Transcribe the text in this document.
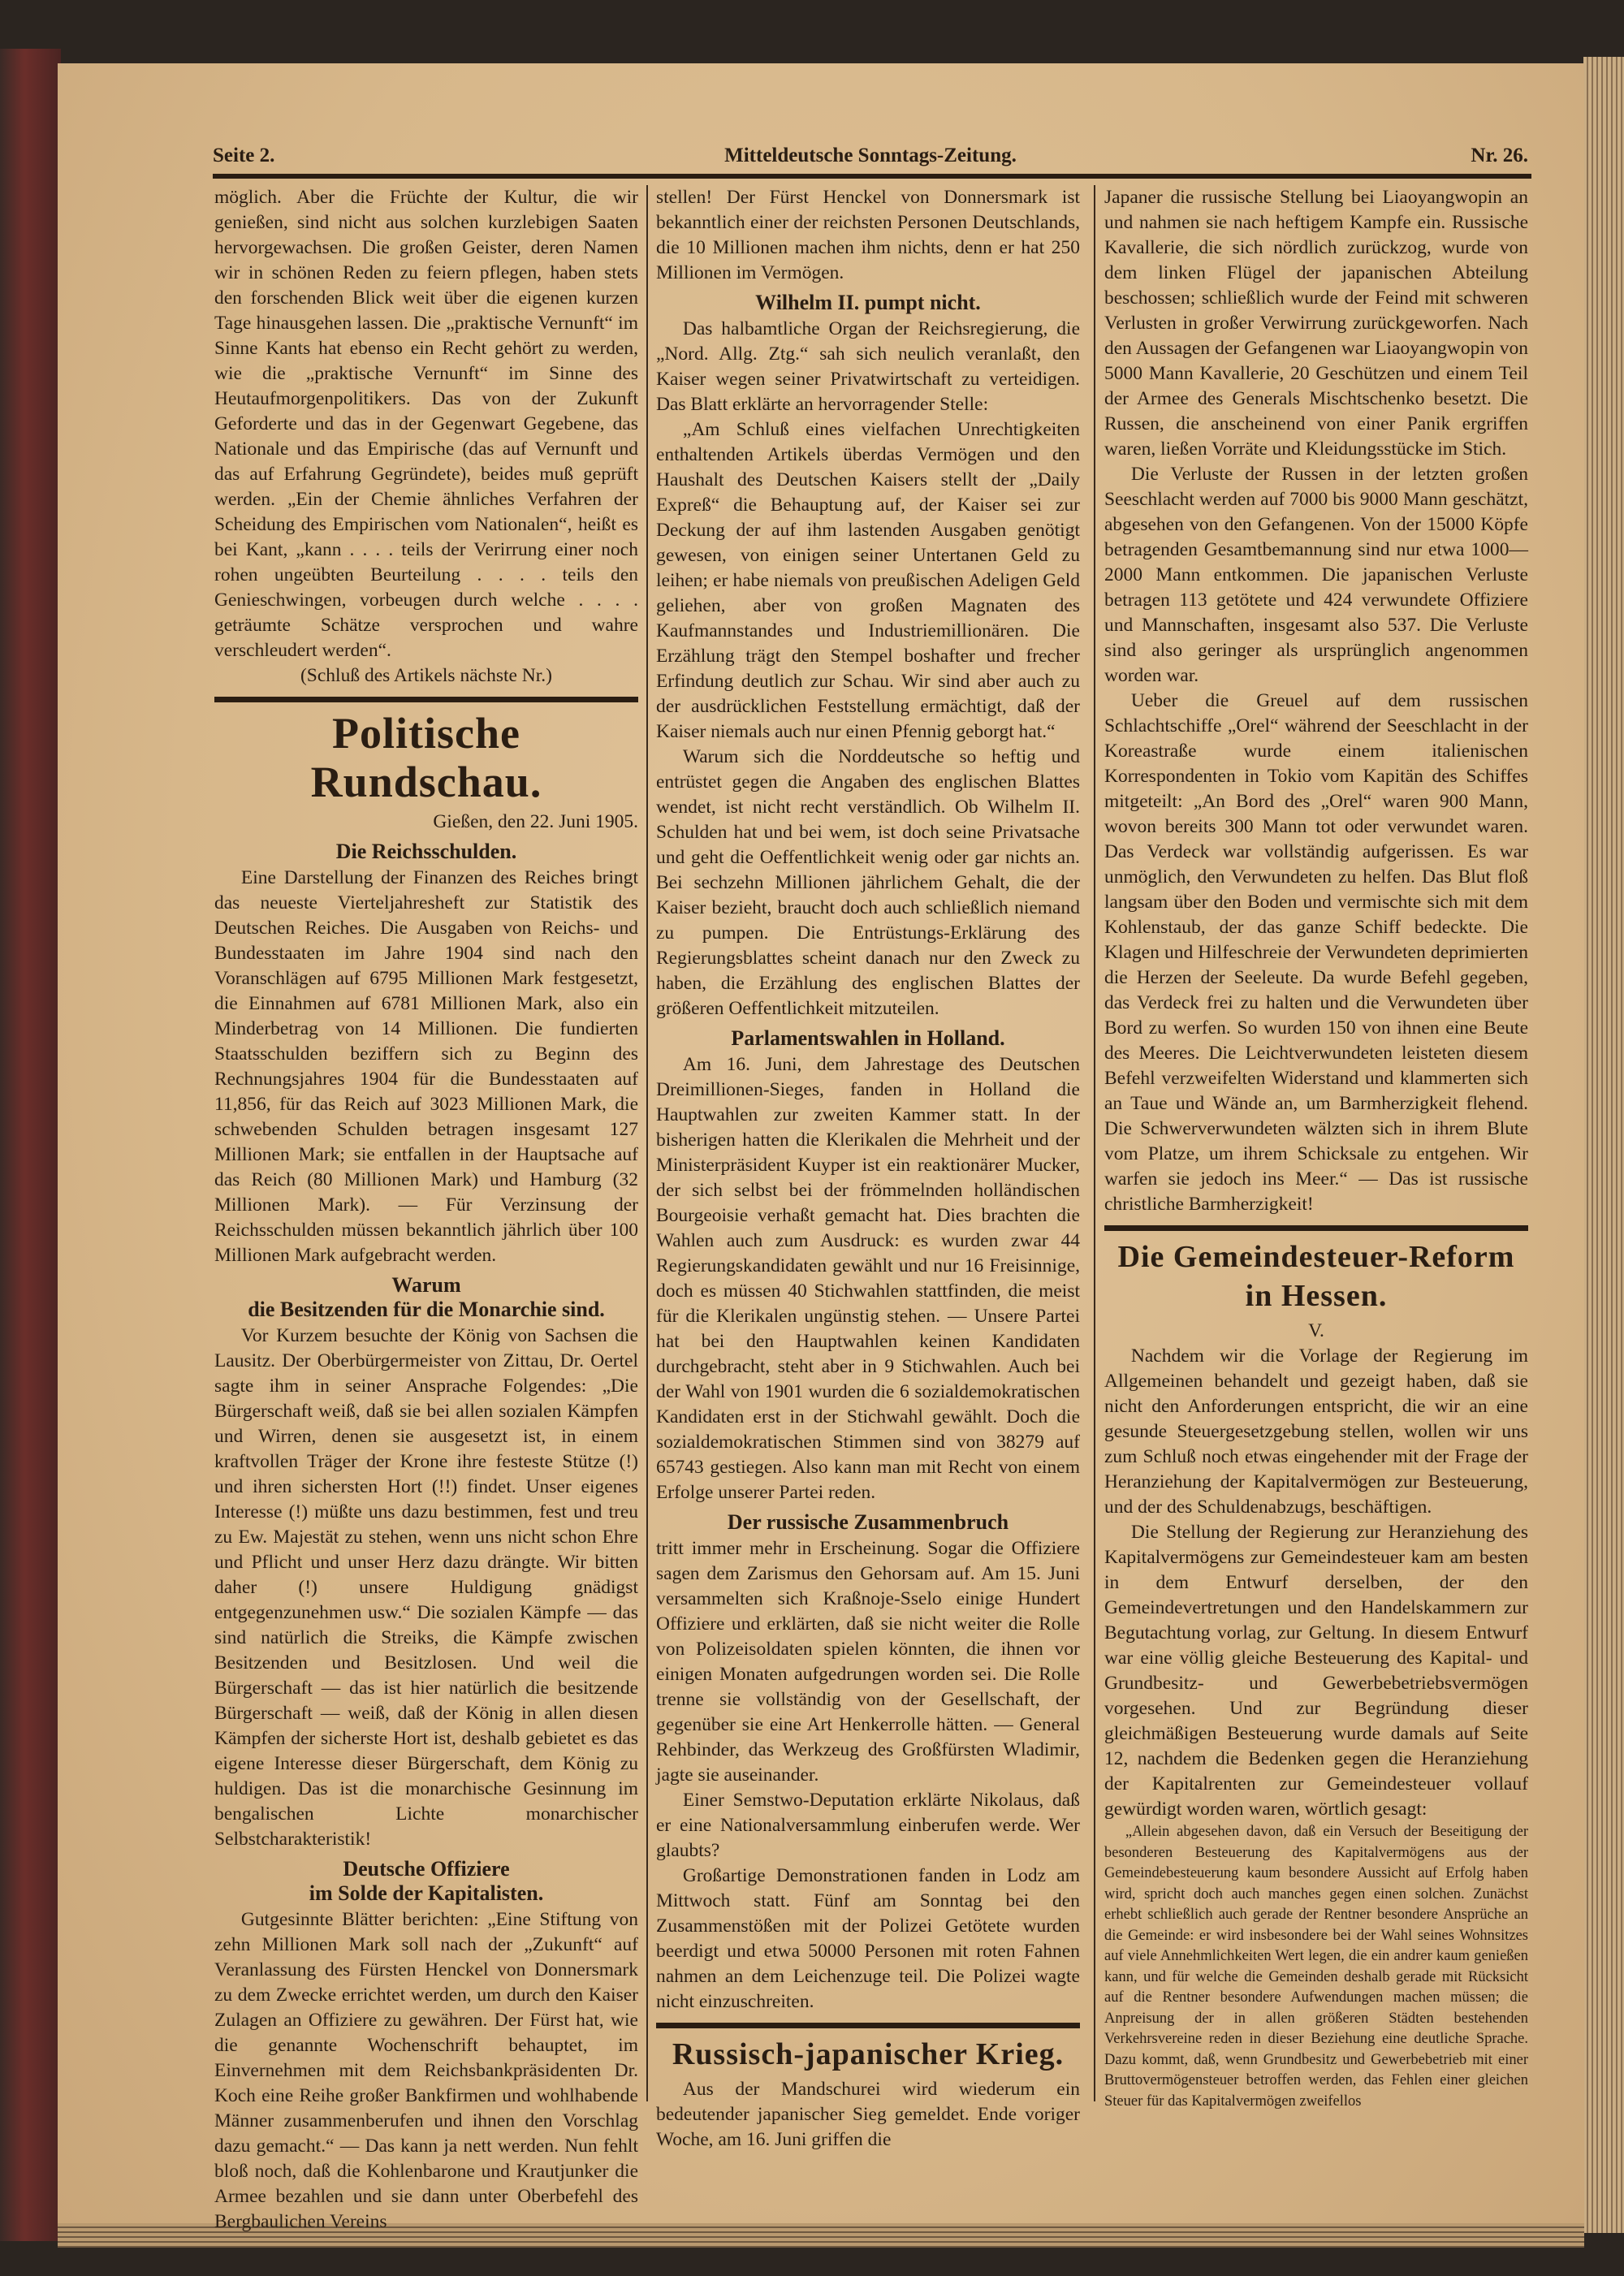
Seite 2.	Mitteldeutsche Sonntags-Zeitung.	Nr. 26.

möglich. Aber die Früchte der Kultur, die wir genießen, sind nicht aus solchen kurzlebigen Saaten hervorgewachsen. Die großen Geister, deren Namen wir in schönen Reden zu feiern pflegen, haben stets den forschenden Blick weit über die eigenen kurzen Tage hinausgehen lassen. Die „praktische Vernunft“ im Sinne Kants hat ebenso ein Recht gehört zu werden, wie die „praktische Vernunft“ im Sinne des Heutaufmorgenpolitikers. Das von der Zukunft Geforderte und das in der Gegenwart Gegebene, das Nationale und das Empirische (das auf Vernunft und das auf Erfahrung Gegründete), beides muß geprüft werden. „Ein der Chemie ähnliches Verfahren der Scheidung des Empirischen vom Nationalen“, heißt es bei Kant, „kann . . . . teils der Verirrung einer noch rohen ungeübten Beurteilung . . . . teils den Genieschwingen, vorbeugen durch welche . . . . geträumte Schätze versprochen und wahre verschleudert werden“.

(Schluß des Artikels nächste Nr.)

Politische Rundschau.

Gießen, den 22. Juni 1905.

Die Reichsschulden.

Eine Darstellung der Finanzen des Reiches bringt das neueste Vierteljahresheft zur Statistik des Deutschen Reiches. Die Ausgaben von Reichs- und Bundesstaaten im Jahre 1904 sind nach den Voranschlägen auf 6795 Millionen Mark festgesetzt, die Einnahmen auf 6781 Millionen Mark, also ein Minderbetrag von 14 Millionen. Die fundierten Staatsschulden beziffern sich zu Beginn des Rechnungsjahres 1904 für die Bundesstaaten auf 11,856, für das Reich auf 3023 Millionen Mark, die schwebenden Schulden betragen insgesamt 127 Millionen Mark; sie entfallen in der Hauptsache auf das Reich (80 Millionen Mark) und Hamburg (32 Millionen Mark). — Für Verzinsung der Reichsschulden müssen bekanntlich jährlich über 100 Millionen Mark aufgebracht werden.

Warum
die Besitzenden für die Monarchie sind.

Vor Kurzem besuchte der König von Sachsen die Lausitz. Der Oberbürgermeister von Zittau, Dr. Oertel sagte ihm in seiner Ansprache Folgendes: „Die Bürgerschaft weiß, daß sie bei allen sozialen Kämpfen und Wirren, denen sie ausgesetzt ist, in einem kraftvollen Träger der Krone ihre festeste Stütze (!) und ihren sichersten Hort (!!) findet. Unser eigenes Interesse (!) müßte uns dazu bestimmen, fest und treu zu Ew. Majestät zu stehen, wenn uns nicht schon Ehre und Pflicht und unser Herz dazu drängte. Wir bitten daher (!) unsere Huldigung gnädigst entgegenzunehmen usw.“ Die sozialen Kämpfe — das sind natürlich die Streiks, die Kämpfe zwischen Besitzenden und Besitzlosen. Und weil die Bürgerschaft — das ist hier natürlich die besitzende Bürgerschaft — weiß, daß der König in allen diesen Kämpfen der sicherste Hort ist, deshalb gebietet es das eigene Interesse dieser Bürgerschaft, dem König zu huldigen. Das ist die monarchische Gesinnung im bengalischen Lichte monarchischer Selbstcharakteristik!

Deutsche Offiziere
im Solde der Kapitalisten.

Gutgesinnte Blätter berichten: „Eine Stiftung von zehn Millionen Mark soll nach der „Zukunft“ auf Veranlassung des Fürsten Henckel von Donnersmark zu dem Zwecke errichtet werden, um durch den Kaiser Zulagen an Offiziere zu gewähren. Der Fürst hat, wie die genannte Wochenschrift behauptet, im Einvernehmen mit dem Reichsbankpräsidenten Dr. Koch eine Reihe großer Bankfirmen und wohlhabende Männer zusammenberufen und ihnen den Vorschlag dazu gemacht.“ — Das kann ja nett werden. Nun fehlt bloß noch, daß die Kohlenbarone und Krautjunker die Armee bezahlen und sie dann unter Oberbefehl des Bergbaulichen Vereins

stellen! Der Fürst Henckel von Donnersmark ist bekanntlich einer der reichsten Personen Deutschlands, die 10 Millionen machen ihm nichts, denn er hat 250 Millionen im Vermögen.

Wilhelm II. pumpt nicht.

Das halbamtliche Organ der Reichsregierung, die „Nord. Allg. Ztg.“ sah sich neulich veranlaßt, den Kaiser wegen seiner Privatwirtschaft zu verteidigen. Das Blatt erklärte an hervorragender Stelle:

„Am Schluß eines vielfachen Unrechtigkeiten enthaltenden Artikels überdas Vermögen und den Haushalt des Deutschen Kaisers stellt der „Daily Expreß“ die Behauptung auf, der Kaiser sei zur Deckung der auf ihm lastenden Ausgaben genötigt gewesen, von einigen seiner Untertanen Geld zu leihen; er habe niemals von preußischen Adeligen Geld geliehen, aber von großen Magnaten des Kaufmannstandes und Industriemillionären. Die Erzählung trägt den Stempel boshafter und frecher Erfindung deutlich zur Schau. Wir sind aber auch zu der ausdrücklichen Feststellung ermächtigt, daß der Kaiser niemals auch nur einen Pfennig geborgt hat.“

Warum sich die Norddeutsche so heftig und entrüstet gegen die Angaben des englischen Blattes wendet, ist nicht recht verständlich. Ob Wilhelm II. Schulden hat und bei wem, ist doch seine Privatsache und geht die Oeffentlichkeit wenig oder gar nichts an. Bei sechzehn Millionen jährlichem Gehalt, die der Kaiser bezieht, braucht doch auch schließlich niemand zu pumpen. Die Entrüstungs-Erklärung des Regierungsblattes scheint danach nur den Zweck zu haben, die Erzählung des englischen Blattes der größeren Oeffentlichkeit mitzuteilen.

Parlamentswahlen in Holland.

Am 16. Juni, dem Jahrestage des Deutschen Dreimillionen-Sieges, fanden in Holland die Hauptwahlen zur zweiten Kammer statt. In der bisherigen hatten die Klerikalen die Mehrheit und der Ministerpräsident Kuyper ist ein reaktionärer Mucker, der sich selbst bei der frömmelnden holländischen Bourgeoisie verhaßt gemacht hat. Dies brachten die Wahlen auch zum Ausdruck: es wurden zwar 44 Regierungskandidaten gewählt und nur 16 Freisinnige, doch es müssen 40 Stichwahlen stattfinden, die meist für die Klerikalen ungünstig stehen. — Unsere Partei hat bei den Hauptwahlen keinen Kandidaten durchgebracht, steht aber in 9 Stichwahlen. Auch bei der Wahl von 1901 wurden die 6 sozialdemokratischen Kandidaten erst in der Stichwahl gewählt. Doch die sozialdemokratischen Stimmen sind von 38279 auf 65743 gestiegen. Also kann man mit Recht von einem Erfolge unserer Partei reden.

Der russische Zusammenbruch

tritt immer mehr in Erscheinung. Sogar die Offiziere sagen dem Zarismus den Gehorsam auf. Am 15. Juni versammelten sich Kraßnoje-Sselo einige Hundert Offiziere und erklärten, daß sie nicht weiter die Rolle von Polizeisoldaten spielen könnten, die ihnen vor einigen Monaten aufgedrungen worden sei. Die Rolle trenne sie vollständig von der Gesellschaft, der gegenüber sie eine Art Henkerrolle hätten. — General Rehbinder, das Werkzeug des Großfürsten Wladimir, jagte sie auseinander.

Einer Semstwo-Deputation erklärte Nikolaus, daß er eine Nationalversammlung einberufen werde. Wer glaubts?

Großartige Demonstrationen fanden in Lodz am Mittwoch statt. Fünf am Sonntag bei den Zusammenstößen mit der Polizei Getötete wurden beerdigt und etwa 50000 Personen mit roten Fahnen nahmen an dem Leichenzuge teil. Die Polizei wagte nicht einzuschreiten.

Russisch-japanischer Krieg.

Aus der Mandschurei wird wiederum ein bedeutender japanischer Sieg gemeldet. Ende voriger Woche, am 16. Juni griffen die

Japaner die russische Stellung bei Liaoyangwopin an und nahmen sie nach heftigem Kampfe ein. Russische Kavallerie, die sich nördlich zurückzog, wurde von dem linken Flügel der japanischen Abteilung beschossen; schließlich wurde der Feind mit schweren Verlusten in großer Verwirrung zurückgeworfen. Nach den Aussagen der Gefangenen war Liaoyangwopin von 5000 Mann Kavallerie, 20 Geschützen und einem Teil der Armee des Generals Mischtschenko besetzt. Die Russen, die anscheinend von einer Panik ergriffen waren, ließen Vorräte und Kleidungsstücke im Stich.

Die Verluste der Russen in der letzten großen Seeschlacht werden auf 7000 bis 9000 Mann geschätzt, abgesehen von den Gefangenen. Von der 15000 Köpfe betragenden Gesamtbemannung sind nur etwa 1000—2000 Mann entkommen. Die japanischen Verluste betragen 113 getötete und 424 verwundete Offiziere und Mannschaften, insgesamt also 537. Die Verluste sind also geringer als ursprünglich angenommen worden war.

Ueber die Greuel auf dem russischen Schlachtschiffe „Orel“ während der Seeschlacht in der Koreastraße wurde einem italienischen Korrespondenten in Tokio vom Kapitän des Schiffes mitgeteilt: „An Bord des „Orel“ waren 900 Mann, wovon bereits 300 Mann tot oder verwundet waren. Das Verdeck war vollständig aufgerissen. Es war unmöglich, den Verwundeten zu helfen. Das Blut floß langsam über den Boden und vermischte sich mit dem Kohlenstaub, der das ganze Schiff bedeckte. Die Klagen und Hilfeschreie der Verwundeten deprimierten die Herzen der Seeleute. Da wurde Befehl gegeben, das Verdeck frei zu halten und die Verwundeten über Bord zu werfen. So wurden 150 von ihnen eine Beute des Meeres. Die Leichtverwundeten leisteten diesem Befehl verzweifelten Widerstand und klammerten sich an Taue und Wände an, um Barmherzigkeit flehend. Die Schwerverwundeten wälzten sich in ihrem Blute vom Platze, um ihrem Schicksale zu entgehen. Wir warfen sie jedoch ins Meer.“ — Das ist russische christliche Barmherzigkeit!

Die Gemeindesteuer-Reform
in Hessen.

V.

Nachdem wir die Vorlage der Regierung im Allgemeinen behandelt und gezeigt haben, daß sie nicht den Anforderungen entspricht, die wir an eine gesunde Steuergesetzgebung stellen, wollen wir uns zum Schluß noch etwas eingehender mit der Frage der Heranziehung der Kapitalvermögen zur Besteuerung, und der des Schuldenabzugs, beschäftigen.

Die Stellung der Regierung zur Heranziehung des Kapitalvermögens zur Gemeindesteuer kam am besten in dem Entwurf derselben, der den Gemeindevertretungen und den Handelskammern zur Begutachtung vorlag, zur Geltung. In diesem Entwurf war eine völlig gleiche Besteuerung des Kapital- und Grundbesitz- und Gewerbebetriebsvermögen vorgesehen. Und zur Begründung dieser gleichmäßigen Besteuerung wurde damals auf Seite 12, nachdem die Bedenken gegen die Heranziehung der Kapitalrenten zur Gemeindesteuer vollauf gewürdigt worden waren, wörtlich gesagt:

„Allein abgesehen davon, daß ein Versuch der Beseitigung der besonderen Besteuerung des Kapitalvermögens aus der Gemeindebesteuerung kaum besondere Aussicht auf Erfolg haben wird, spricht doch auch manches gegen einen solchen. Zunächst erhebt schließlich auch gerade der Rentner besondere Ansprüche an die Gemeinde: er wird insbesondere bei der Wahl seines Wohnsitzes auf viele Annehmlichkeiten Wert legen, die ein andrer kaum genießen kann, und für welche die Gemeinden deshalb gerade mit Rücksicht auf die Rentner besondere Aufwendungen machen müssen; die Anpreisung der in allen größeren Städten bestehenden Verkehrsvereine reden in dieser Beziehung eine deutliche Sprache. Dazu kommt, daß, wenn Grundbesitz und Gewerbebetrieb mit einer Bruttovermögensteuer betroffen werden, das Fehlen einer gleichen Steuer für das Kapitalvermögen zweifellos
